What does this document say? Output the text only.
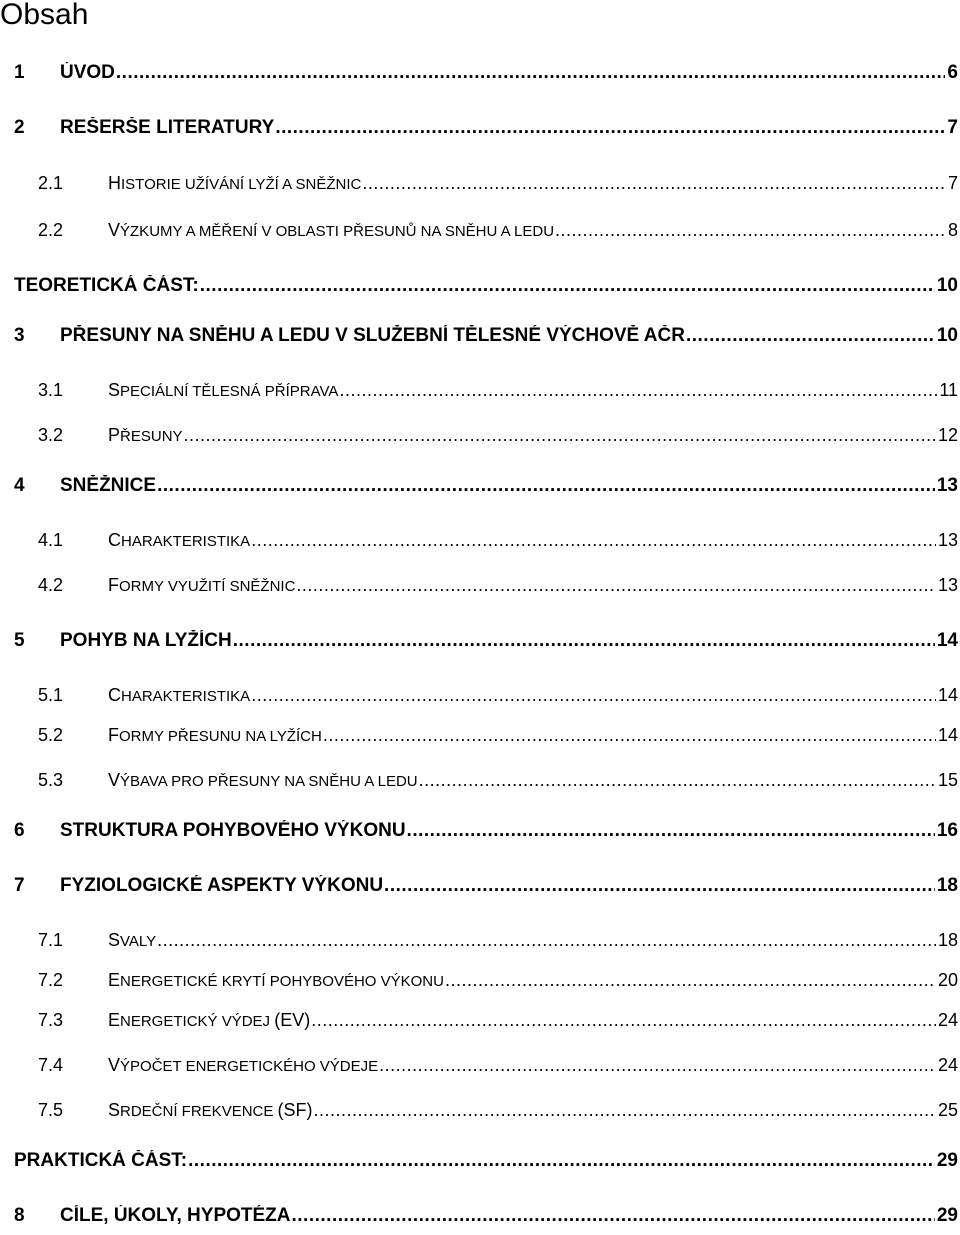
Obsah
1	ÚVOD .....	6
2	REŠERŠE LITERATURY .....	7
2.1	HISTORIE UŽÍVÁNÍ LYŽÍ A SNĚŽNIC .....	7
2.2	VÝZKUMY A MĚŘENÍ V OBLASTI PŘESUNŮ NA SNĚHU A LEDU .....	8
TEORETICKÁ ČÁST: .....	10
3	PŘESUNY NA SNĚHU A LEDU V SLUŽEBNÍ TĚLESNÉ VÝCHOVĚ AČR .....	10
3.1	SPECIÁLNÍ TĚLESNÁ PŘÍPRAVA .....	11
3.2	PŘESUNY .....	12
4	SNĚŽNICE .....	13
4.1	CHARAKTERISTIKA .....	13
4.2	FORMY VYUŽITÍ SNĚŽNIC .....	13
5	POHYB NA LYŽÍCH .....	14
5.1	CHARAKTERISTIKA .....	14
5.2	FORMY PŘESUNU NA LYŽÍCH .....	14
5.3	VÝBAVA PRO PŘESUNY NA SNĚHU A LEDU .....	15
6	STRUKTURA POHYBOVÉHO VÝKONU .....	16
7	FYZIOLOGICKÉ ASPEKTY VÝKONU .....	18
7.1	SVALY .....	18
7.2	ENERGETICKÉ KRYTÍ POHYBOVÉHO VÝKONU .....	20
7.3	ENERGETICKÝ VÝDEJ (EV) .....	24
7.4	VÝPOČET ENERGETICKÉHO VÝDEJE .....	24
7.5	SRDEČNÍ FREKVENCE (SF) .....	25
PRAKTICKÁ ČÁST: .....	29
8	CÍLE, ÚKOLY, HYPOTÉZA .....	29
